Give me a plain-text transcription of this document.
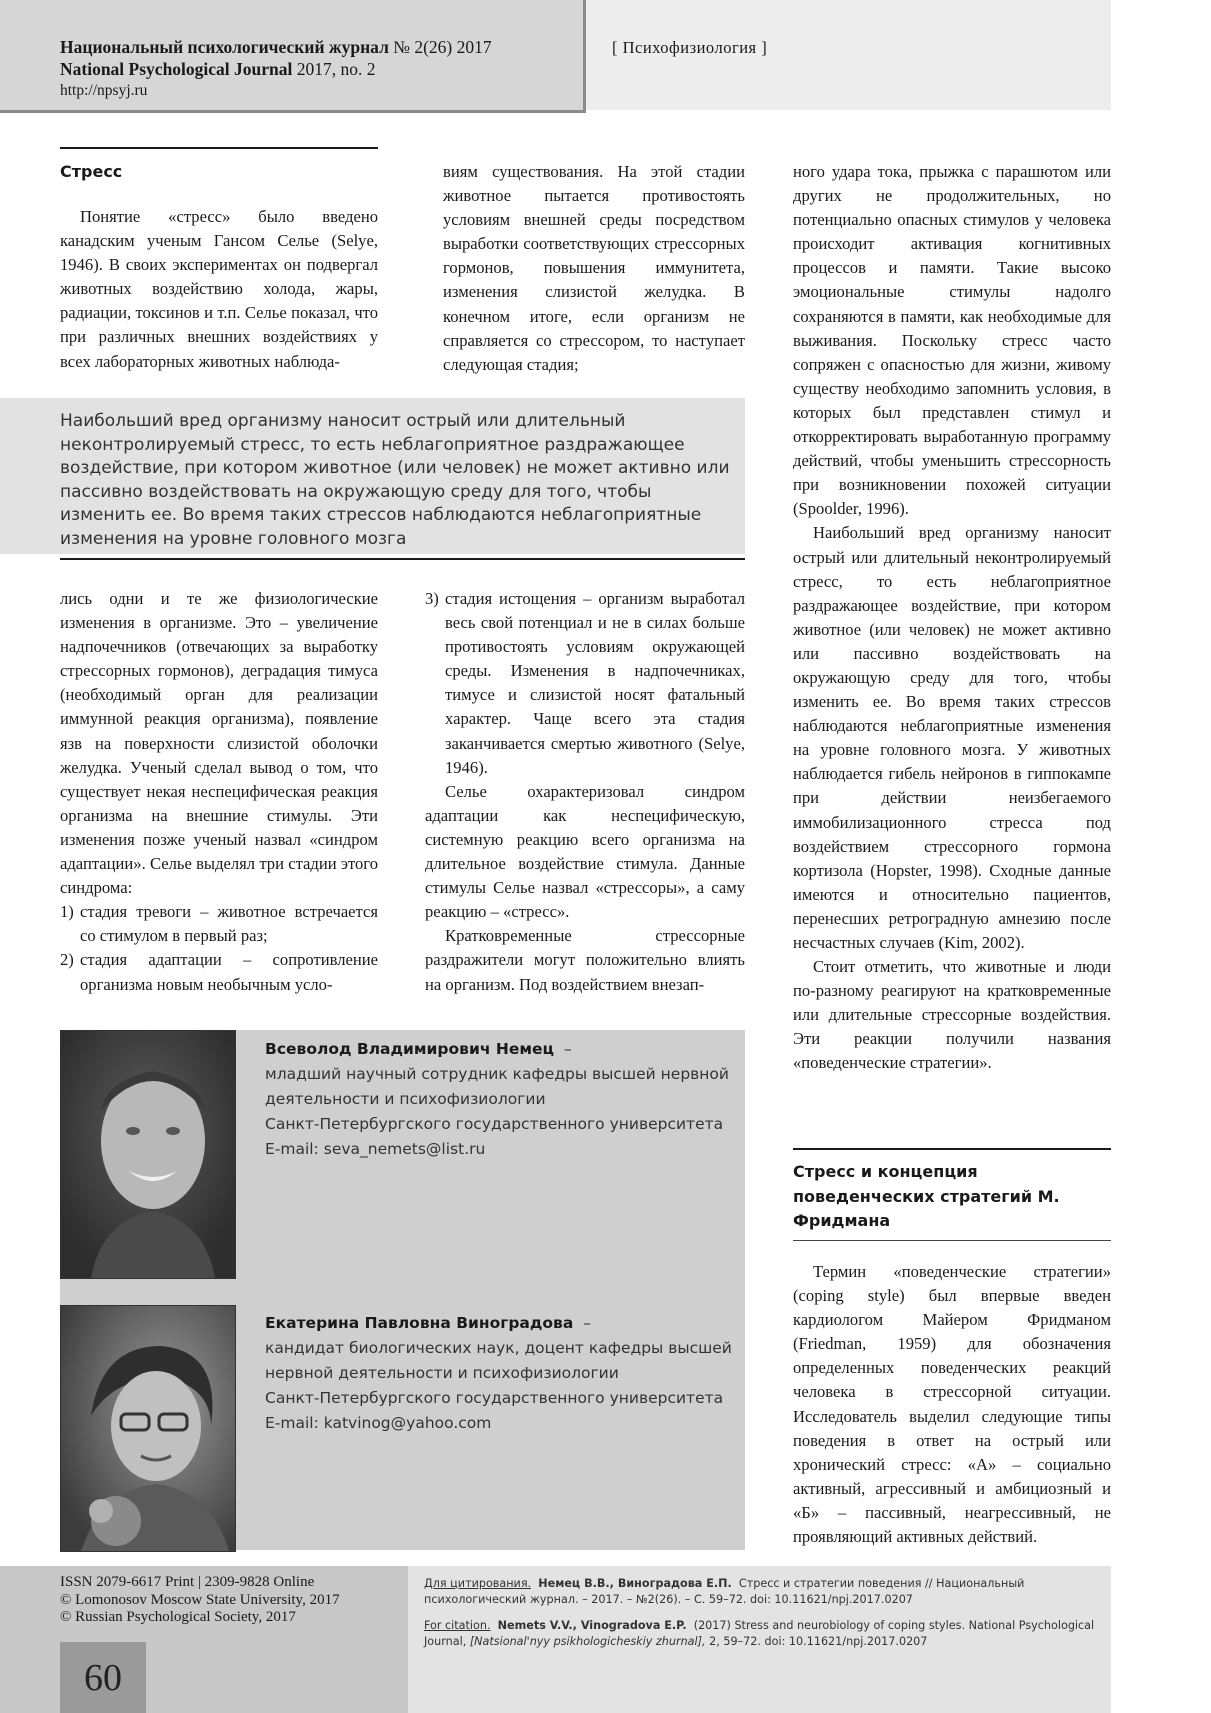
Национальный психологический журнал № 2(26) 2017
National Psychological Journal 2017, no. 2
http://npsyj.ru
[ Психофизиология ]
Стресс

Понятие «стресс» было введено канадским ученым Гансом Селье (Selye, 1946). В своих экспериментах он подвергал животных воздействию холода, жары, радиации, токсинов и т.п. Селье показал, что при различных внешних воздействиях у всех лабораторных животных наблюда-

виям существования. На этой стадии животное пытается противостоять условиям внешней среды посредством выработки соответствующих стрессорных гормонов, повышения иммунитета, изменения слизистой желудка. В конечном итоге, если организм не справляется со стрессором, то наступает следующая стадия;

Наибольший вред организму наносит острый или длительный неконтролируемый стресс, то есть неблагоприятное раздражающее воздействие, при котором животное (или человек) не может активно или пассивно воздействовать на окружающую среду для того, чтобы изменить ее. Во время таких стрессов наблюдаются неблагоприятные изменения на уровне головного мозга

лись одни и те же физиологические изменения в организме. Это – увеличение надпочечников (отвечающих за выработку стрессорных гормонов), деградация тимуса (необходимый орган для реализации иммунной реакция организма), появление язв на поверхности слизистой оболочки желудка. Ученый сделал вывод о том, что существует некая неспецифическая реакция организма на внешние стимулы. Эти изменения позже ученый назвал «синдром адаптации». Селье выделял три стадии этого синдрома:

1) стадия тревоги – животное встречается со стимулом в первый раз;
2) стадия адаптации – сопротивление организма новым необычным усло-
3) стадия истощения – организм выработал весь свой потенциал и не в силах больше противостоять условиям окружающей среды. Изменения в надпочечниках, тимусе и слизистой носят фатальный характер. Чаще всего эта стадия заканчивается смертью животного (Selye, 1946).

Селье охарактеризовал синдром адаптации как неспецифическую, системную реакцию всего организма на длительное воздействие стимула. Данные стимулы Селье назвал «стрессоры», а саму реакцию – «стресс».

Кратковременные стрессорные раздражители могут положительно влиять на организм. Под воздействием внезап-

ного удара тока, прыжка с парашютом или других не продолжительных, но потенциально опасных стимулов у человека происходит активация когнитивных процессов и памяти. Такие высоко эмоциональные стимулы надолго сохраняются в памяти, как необходимые для выживания. Поскольку стресс часто сопряжен с опасностью для жизни, живому существу необходимо запомнить условия, в которых был представлен стимул и откорректировать выработанную программу действий, чтобы уменьшить стрессорность при возникновении похожей ситуации (Spoolder, 1996).

Наибольший вред организму наносит острый или длительный неконтролируемый стресс, то есть неблагоприятное раздражающее воздействие, при котором животное (или человек) не может активно или пассивно воздействовать на окружающую среду для того, чтобы изменить ее. Во время таких стрессов наблюдаются неблагоприятные изменения на уровне головного мозга. У животных наблюдается гибель нейронов в гиппокампе при действии неизбегаемого иммобилизационного стресса под воздействием стрессорного гормона кортизола (Hopster, 1998). Сходные данные имеются и относительно пациентов, перенесших ретроградную амнезию после несчастных случаев (Kim, 2002).

Стоит отметить, что животные и люди по-разному реагируют на кратковременные или длительные стрессорные воздействия. Эти реакции получили названия «поведенческие стратегии».

Стресс и концепция поведенческих стратегий М. Фридмана

Термин «поведенческие стратегии» (coping style) был впервые введен кардиологом Майером Фридманом (Friedman, 1959) для обозначения определенных поведенческих реакций человека в стрессорной ситуации. Исследователь выделил следующие типы поведения в ответ на острый или хронический стресс: «А» – социально активный, агрессивный и амбициозный и «Б» – пассивный, неагрессивный, не проявляющий активных действий.

Всеволод Владимирович Немец –
младший научный сотрудник кафедры высшей нервной деятельности и психофизиологии
Санкт-Петербургского государственного университета
E-mail: seva_nemets@list.ru
Екатерина Павловна Виноградова –
кандидат биологических наук, доцент кафедры высшей нервной деятельности и психофизиологии
Санкт-Петербургского государственного университета
E-mail: katvinog@yahoo.com
ISSN 2079-6617 Print | 2309-9828 Online
© Lomonosov Moscow State University, 2017
© Russian Psychological Society, 2017
60
Для цитирования. Немец В.В., Виноградова Е.П. Стресс и стратегии поведения // Национальный психологический журнал. – 2017. – №2(26). – С. 59–72. doi: 10.11621/npj.2017.0207
For citation. Nemets V.V., Vinogradova E.P. (2017) Stress and neurobiology of coping styles. National Psychological Journal, [Natsional'nyy psikhologicheskiy zhurnal], 2, 59–72. doi: 10.11621/npj.2017.0207
